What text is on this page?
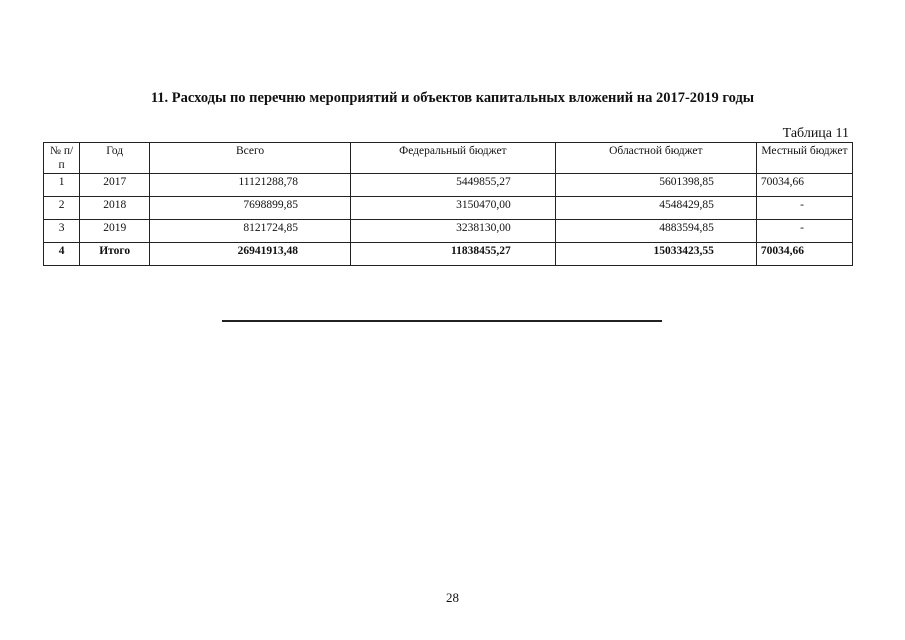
11. Расходы по перечню мероприятий и объектов капитальных вложений на 2017-2019 годы
Таблица 11
№ п/п	Год	Всего	Федеральный бюджет	Областной бюджет	Местный бюджет
1	2017	11121288,78	5449855,27	5601398,85	70034,66
2	2018	7698899,85	3150470,00	4548429,85	-
3	2019	8121724,85	3238130,00	4883594,85	-
4	Итого	26941913,48	11838455,27	15033423,55	70034,66
28
